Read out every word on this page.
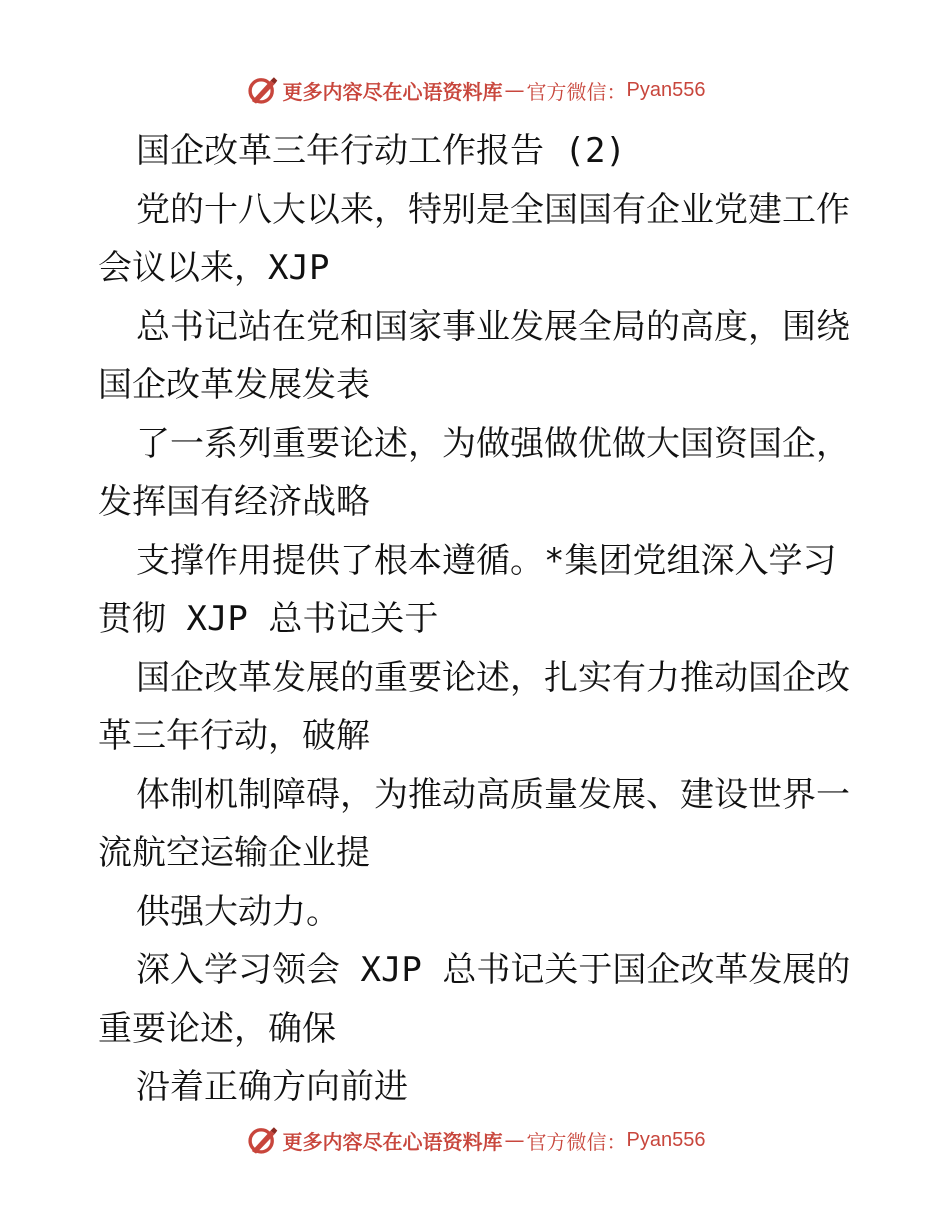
更多内容尽在心语资料库 — 官方微信： Pyan556
国企改革三年行动工作报告 (2)
党的十八大以来，特别是全国国有企业党建工作
会议以来，XJP
总书记站在党和国家事业发展全局的高度，围绕
国企改革发展发表
了一系列重要论述，为做强做优做大国资国企，
发挥国有经济战略
支撑作用提供了根本遵循。*集团党组深入学习
贯彻 XJP 总书记关于
国企改革发展的重要论述，扎实有力推动国企改
革三年行动，破解
体制机制障碍，为推动高质量发展、建设世界一
流航空运输企业提
供强大动力。
深入学习领会 XJP 总书记关于国企改革发展的
重要论述，确保
沿着正确方向前进
更多内容尽在心语资料库 — 官方微信： Pyan556
